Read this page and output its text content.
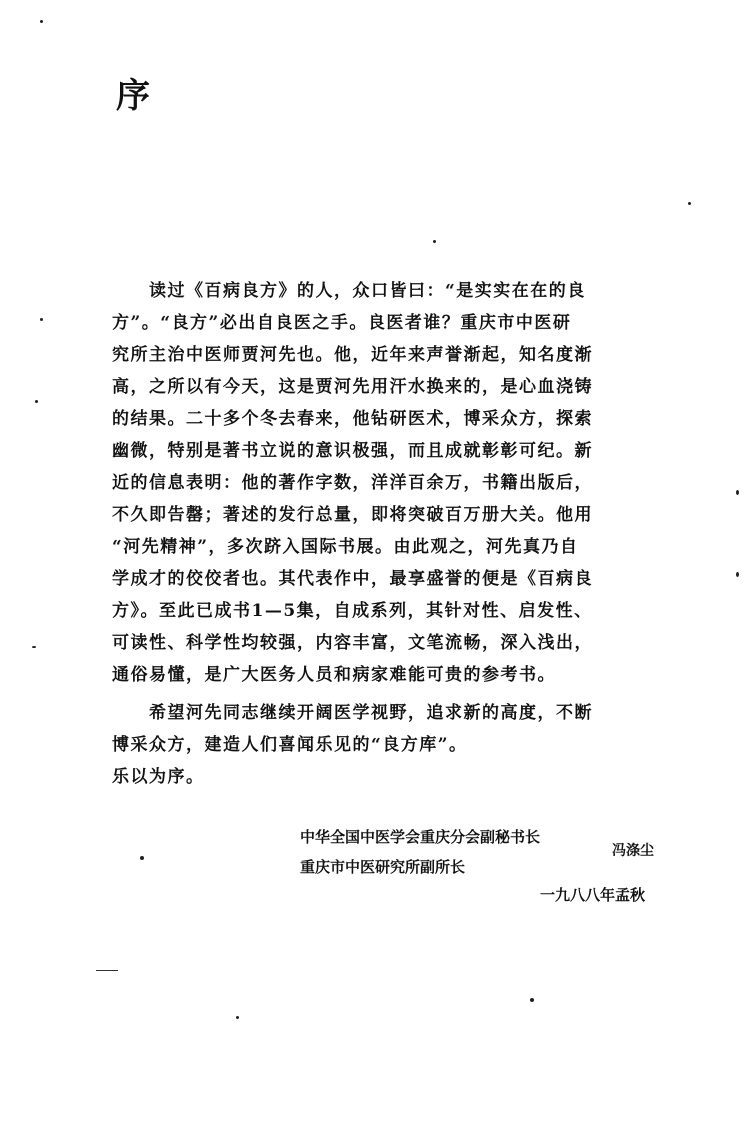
序
　　读过《百病良方》的人，众口皆曰：“是实实在在的良
方”。“良方”必出自良医之手。良医者谁？重庆市中医研
究所主治中医师贾河先也。他，近年来声誉渐起，知名度渐
高，之所以有今天，这是贾河先用汗水换来的，是心血浇铸
的结果。二十多个冬去春来，他钻研医术，博采众方，探索
幽微，特别是著书立说的意识极强，而且成就彰彰可纪。新
近的信息表明：他的著作字数，洋洋百余万，书籍出版后，
不久即告罄；著述的发行总量，即将突破百万册大关。他用
“河先精神”，多次跻入国际书展。由此观之，河先真乃自
学成才的佼佼者也。其代表作中，最享盛誉的便是《百病良
方》。至此已成书1—5集，自成系列，其针对性、启发性、
可读性、科学性均较强，内容丰富，文笔流畅，深入浅出，
通俗易懂，是广大医务人员和病家难能可贵的参考书。
　　希望河先同志继续开阔医学视野，追求新的高度，不断
博采众方，建造人们喜闻乐见的“良方库”。
乐以为序。
中华全国中医学会重庆分会副秘书长
重庆市中医研究所副所长
冯涤尘
一九八八年孟秋
